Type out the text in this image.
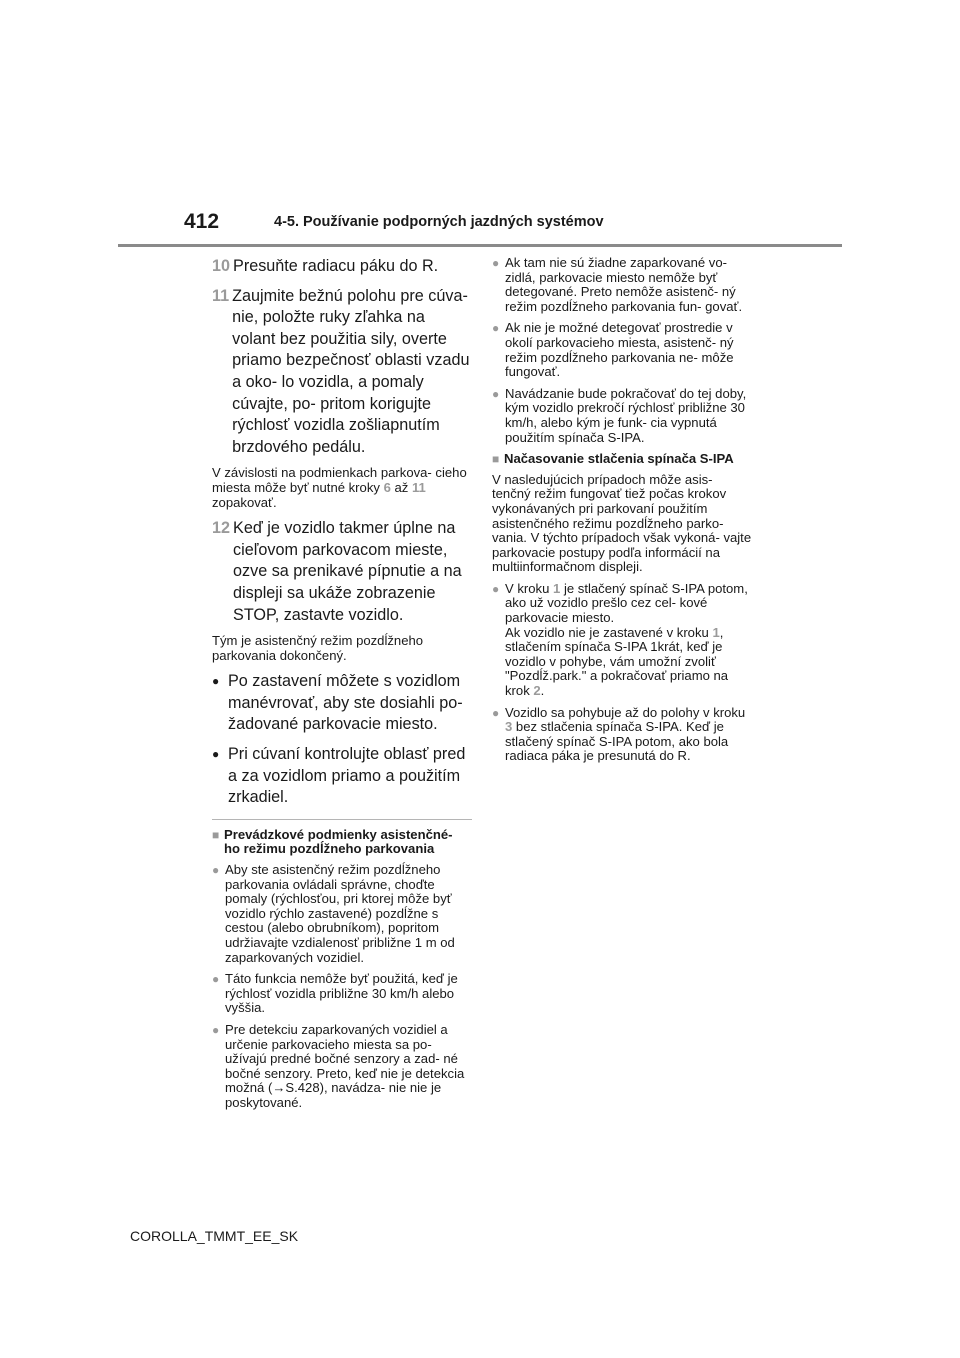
412	4-5. Používanie podporných jazdných systémov
10 Presuňte radiacu páku do R.
11 Zaujmite bežnú polohu pre cúva- nie, položte ruky zľahka na volant bez použitia sily, overte priamo bezpečnosť oblasti vzadu a oko- lo vozidla, a pomaly cúvajte, po- pritom korigujte rýchlosť vozidla zošliapnutím brzdového pedálu.
V závislosti na podmienkach parkova- cieho miesta môže byť nutné kroky 6 až 11 zopakovať.
12 Keď je vozidlo takmer úplne na cieľovom parkovacom mieste, ozve sa prenikavé pípnutie a na displeji sa ukáže zobrazenie STOP, zastavte vozidlo.
Tým je asistenčný režim pozdĺžneho parkovania dokončený.
● Po zastavení môžete s vozidlom manévrovať, aby ste dosiahli po- žadované parkovacie miesto.
● Pri cúvaní kontrolujte oblasť pred a za vozidlom priamo a použitím zrkadiel.
■ Prevádzkové podmienky asistenčné- ho režimu pozdĺžneho parkovania
● Aby ste asistenčný režim pozdĺžneho parkovania ovládali správne, choďte pomaly (rýchlosťou, pri ktorej môže byť vozidlo rýchlo zastavené) pozdĺžne s cestou (alebo obrubníkom), popritom udržiavajte vzdialenosť približne 1 m od zaparkovaných vozidiel.
● Táto funkcia nemôže byť použitá, keď je rýchlosť vozidla približne 30 km/h alebo vyššia.
● Pre detekciu zaparkovaných vozidiel a určenie parkovacieho miesta sa po- užívajú predné bočné senzory a zad- né bočné senzory. Preto, keď nie je detekcia možná (→S.428), navádza- nie nie je poskytované.
● Ak tam nie sú žiadne zaparkované vo- zidlá, parkovacie miesto nemôže byť detegované. Preto nemôže asistenč- ný režim pozdĺžneho parkovania fun- govať.
● Ak nie je možné detegovať prostredie v okolí parkovacieho miesta, asistenč- ný režim pozdĺžneho parkovania ne- môže fungovať.
● Navádzanie bude pokračovať do tej doby, kým vozidlo prekročí rýchlosť približne 30 km/h, alebo kým je funk- cia vypnutá použitím spínača S-IPA.
■ Načasovanie stlačenia spínača S-IPA
V nasledujúcich prípadoch môže asis- tenčný režim fungovať tiež počas krokov vykonávaných pri parkovaní použitím asistenčného režimu pozdĺžneho parko- vania. V týchto prípadoch však vykoná- vajte parkovacie postupy podľa informácií na multiinformačnom displeji.
● V kroku 1 je stlačený spínač S-IPA potom, ako už vozidlo prešlo cez cel- kové parkovacie miesto.
Ak vozidlo nie je zastavené v kroku 1, stlačením spínača S-IPA 1krát, keď je vozidlo v pohybe, vám umožní zvoliť "Pozdĺž.park." a pokračovať priamo na krok 2.
● Vozidlo sa pohybuje až do polohy v kroku 3 bez stlačenia spínača S-IPA. Keď je stlačený spínač S-IPA potom, ako bola radiaca páka je presunutá do R.
COROLLA_TMMT_EE_SK
